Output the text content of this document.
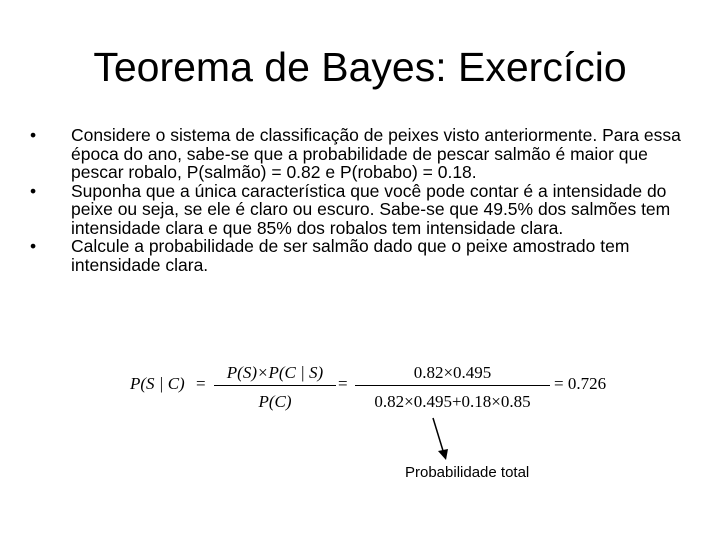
Teorema de Bayes: Exercício
• Considere o sistema de classificação de peixes visto anteriormente. Para essa época do ano, sabe-se que a probabilidade de pescar salmão é maior que pescar robalo, P(salmão) = 0.82 e P(robabo) = 0.18.
• Suponha que a única característica que você pode contar é a intensidade do peixe ou seja, se ele é claro ou escuro. Sabe-se que 49.5% dos salmões tem intensidade clara e que 85% dos robalos tem intensidade clara.
• Calcule a probabilidade de ser salmão dado que o peixe amostrado tem intensidade clara.
P(S | C) =
P(S)×P(C | S)
P(C)
=
0.82×0.495
0.82×0.495+0.18×0.85
= 0.726
Probabilidade total
